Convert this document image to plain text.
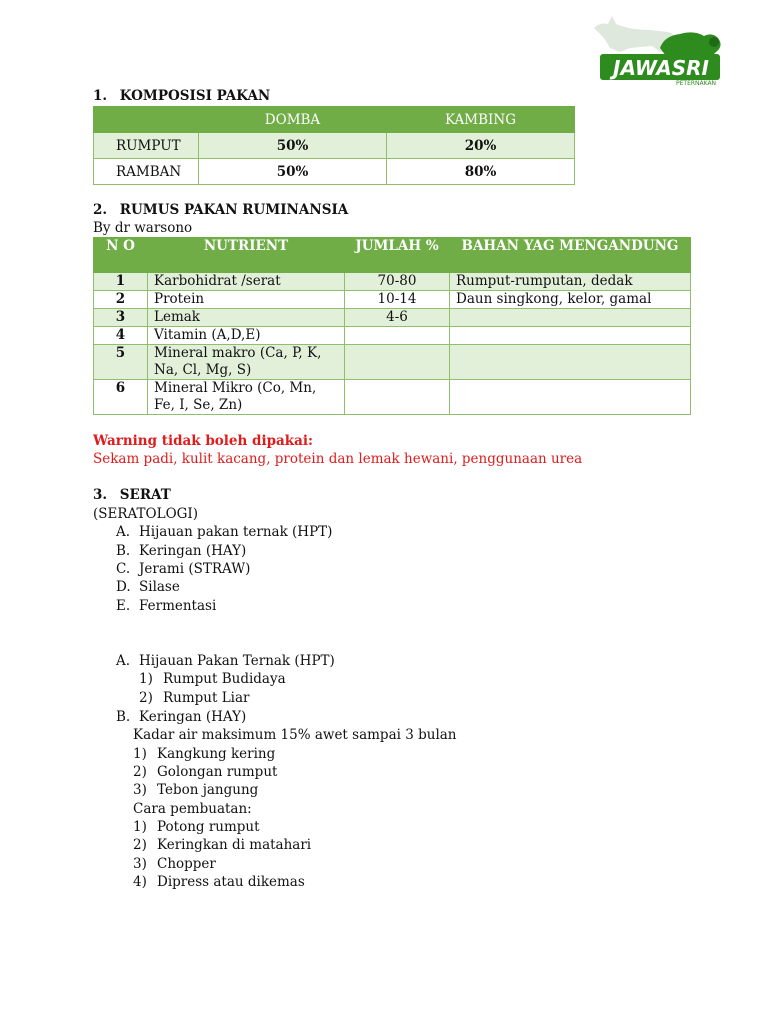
JAWASRI
PETERNAKAN
1. KOMPOSISI PAKAN
	DOMBA	KAMBING
RUMPUT	50%	20%
RAMBAN	50%	80%
2. RUMUS PAKAN RUMINANSIA
By dr warsono
N O	NUTRIENT	JUMLAH %	BAHAN YAG MENGANDUNG
1	Karbohidrat /serat	70-80	Rumput-rumputan, dedak
2	Protein	10-14	Daun singkong, kelor, gamal
3	Lemak	4-6	
4	Vitamin (A,D,E)		
5	Mineral makro (Ca, P, K, Na, Cl, Mg, S)		
6	Mineral Mikro (Co, Mn, Fe, I, Se, Zn)		
Warning tidak boleh dipakai:
Sekam padi, kulit kacang, protein dan lemak hewani, penggunaan urea
3. SERAT
(SERATOLOGI)
A. Hijauan pakan ternak (HPT)
B. Keringan (HAY)
C. Jerami (STRAW)
D. Silase
E. Fermentasi
A. Hijauan Pakan Ternak (HPT)
1) Rumput Budidaya
2) Rumput Liar
B. Keringan (HAY)
Kadar air maksimum 15% awet sampai 3 bulan
1) Kangkung kering
2) Golongan rumput
3) Tebon jangung
Cara pembuatan:
1) Potong rumput
2) Keringkan di matahari
3) Chopper
4) Dipress atau dikemas
